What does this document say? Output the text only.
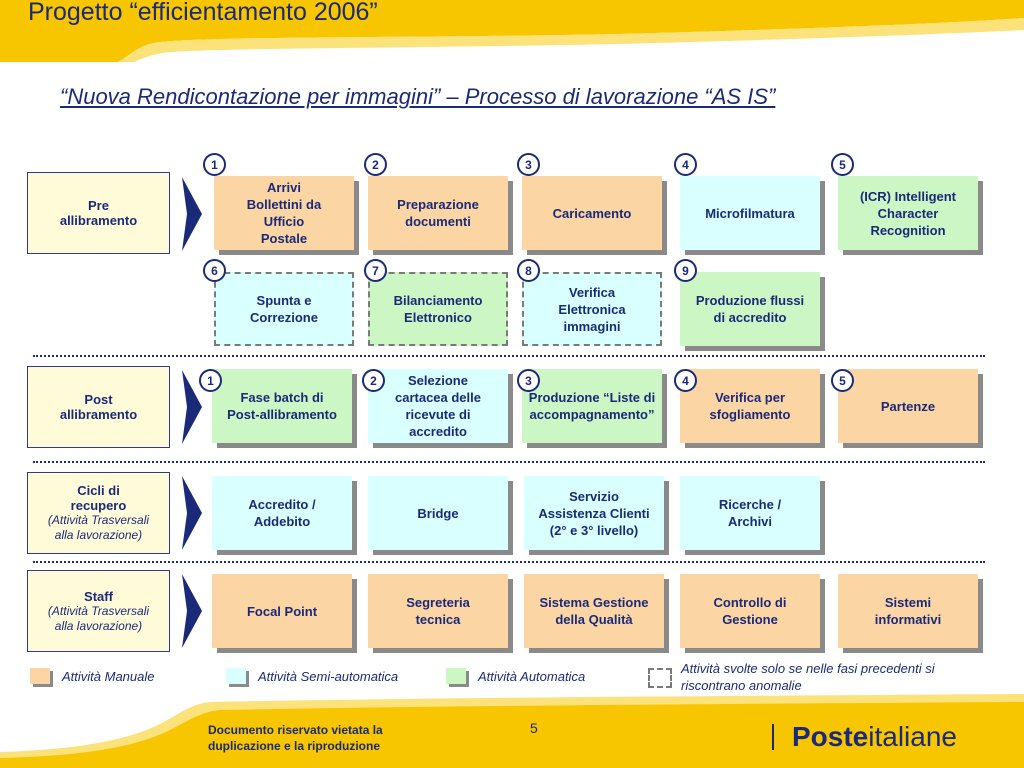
Progetto “efficientamento 2006”
“Nuova Rendicontazione per immagini” – Processo di lavorazione “AS IS”
Pre allibramento
Post allibramento
Cicli di recupero
(Attività Trasversali alla lavorazione)
Staff
(Attività Trasversali alla lavorazione)
Arrivi Bollettini da Ufficio Postale
1
Preparazione documenti
2
Caricamento
3
Microfilmatura
4
(ICR) Intelligent Character Recognition
5
Spunta e Correzione
6
Bilanciamento Elettronico
7
Verifica Elettronica immagini
8
Produzione flussi di accredito
9
Fase batch di Post-allibramento
1	Selezione cartacea delle ricevute di accredito
2
Produzione “Liste di accompagnamento”
3
Verifica per sfogliamento
4
Partenze
5
Accredito / Addebito
Bridge
Servizio Assistenza Clienti (2° e 3° livello)
Ricerche / Archivi
Focal Point
Segreteria tecnica
Sistema Gestione della Qualità
Controllo di Gestione
Sistemi informativi
Attività Manuale	Attività Semi-automatica	Attività Automatica
Attività svolte solo se nelle fasi precedenti si riscontrano anomalie
Documento riservato vietata la duplicazione e la riproduzione
5	Posteitaliane
